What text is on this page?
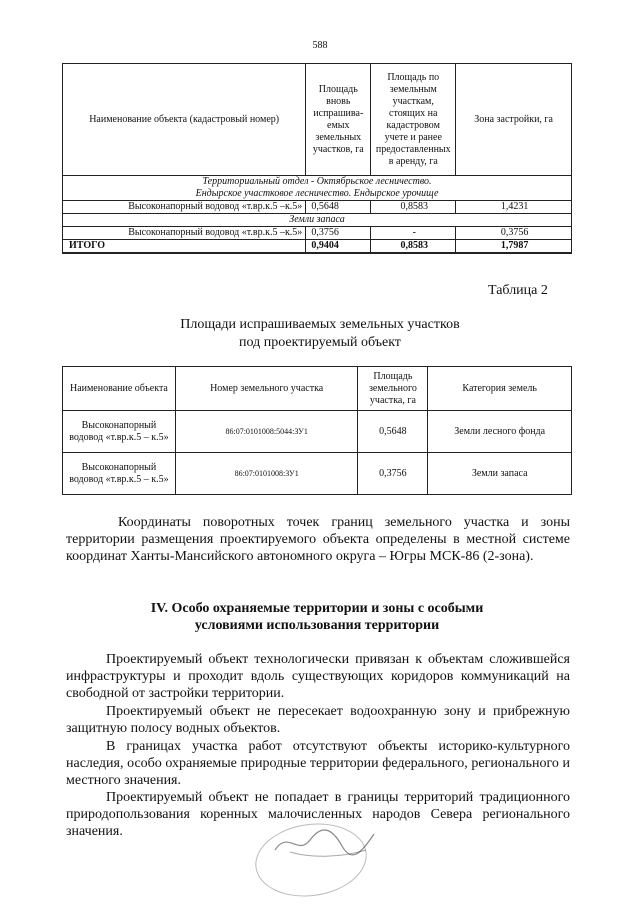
588
Наименование объекта (кадастровый номер)	Площадь вновь испрашива-емых земельных участков, га	Площадь по земельным участкам, стоящих на кадастровом учете и ранее предоставленных в аренду, га	Зона застройки, га

Территориальный отдел - Октябрьское лесничество.
Ендырское участковое лесничество. Ендырское урочище			

Высоконапорный водовод «т.вр.к.5 –к.5»	0,5648	0,8583	1,4231
Земли запаса			
Высоконапорный водовод «т.вр.к.5 –к.5»	0,3756	-	0,3756
ИТОГО	0,9404	0,8583	1,7987
Таблица 2
Площади испрашиваемых земельных участков
под проектируемый объект
Наименование объекта	Номер земельного участка	Площадь земельного участка, га	Категория земель
Высоконапорный водовод «т.вр.к.5 – к.5»	86:07:0101008:5044:ЗУ1	0,5648	Земли лесного фонда
Высоконапорный водовод «т.вр.к.5 – к.5»	86:07:0101008:ЗУ1	0,3756	Земли запаса
Координаты поворотных точек границ земельного участка и зоны территории размещения проектируемого объекта определены в местной системе координат Ханты-Мансийского автономного округа – Югры МСК-86 (2-зона).
IV. Особо охраняемые территории и зоны с особыми
условиями использования территории
Проектируемый объект технологически привязан к объектам сложившейся инфраструктуры и проходит вдоль существующих коридоров коммуникаций на свободной от застройки территории.
Проектируемый объект не пересекает водоохранную зону и прибрежную защитную полосу водных объектов.
В границах участка работ отсутствуют объекты историко-культурного наследия, особо охраняемые природные территории федерального, регионального и местного значения.
Проектируемый объект не попадает в границы территорий традиционного природопользования коренных малочисленных народов Севера регионального значения.
